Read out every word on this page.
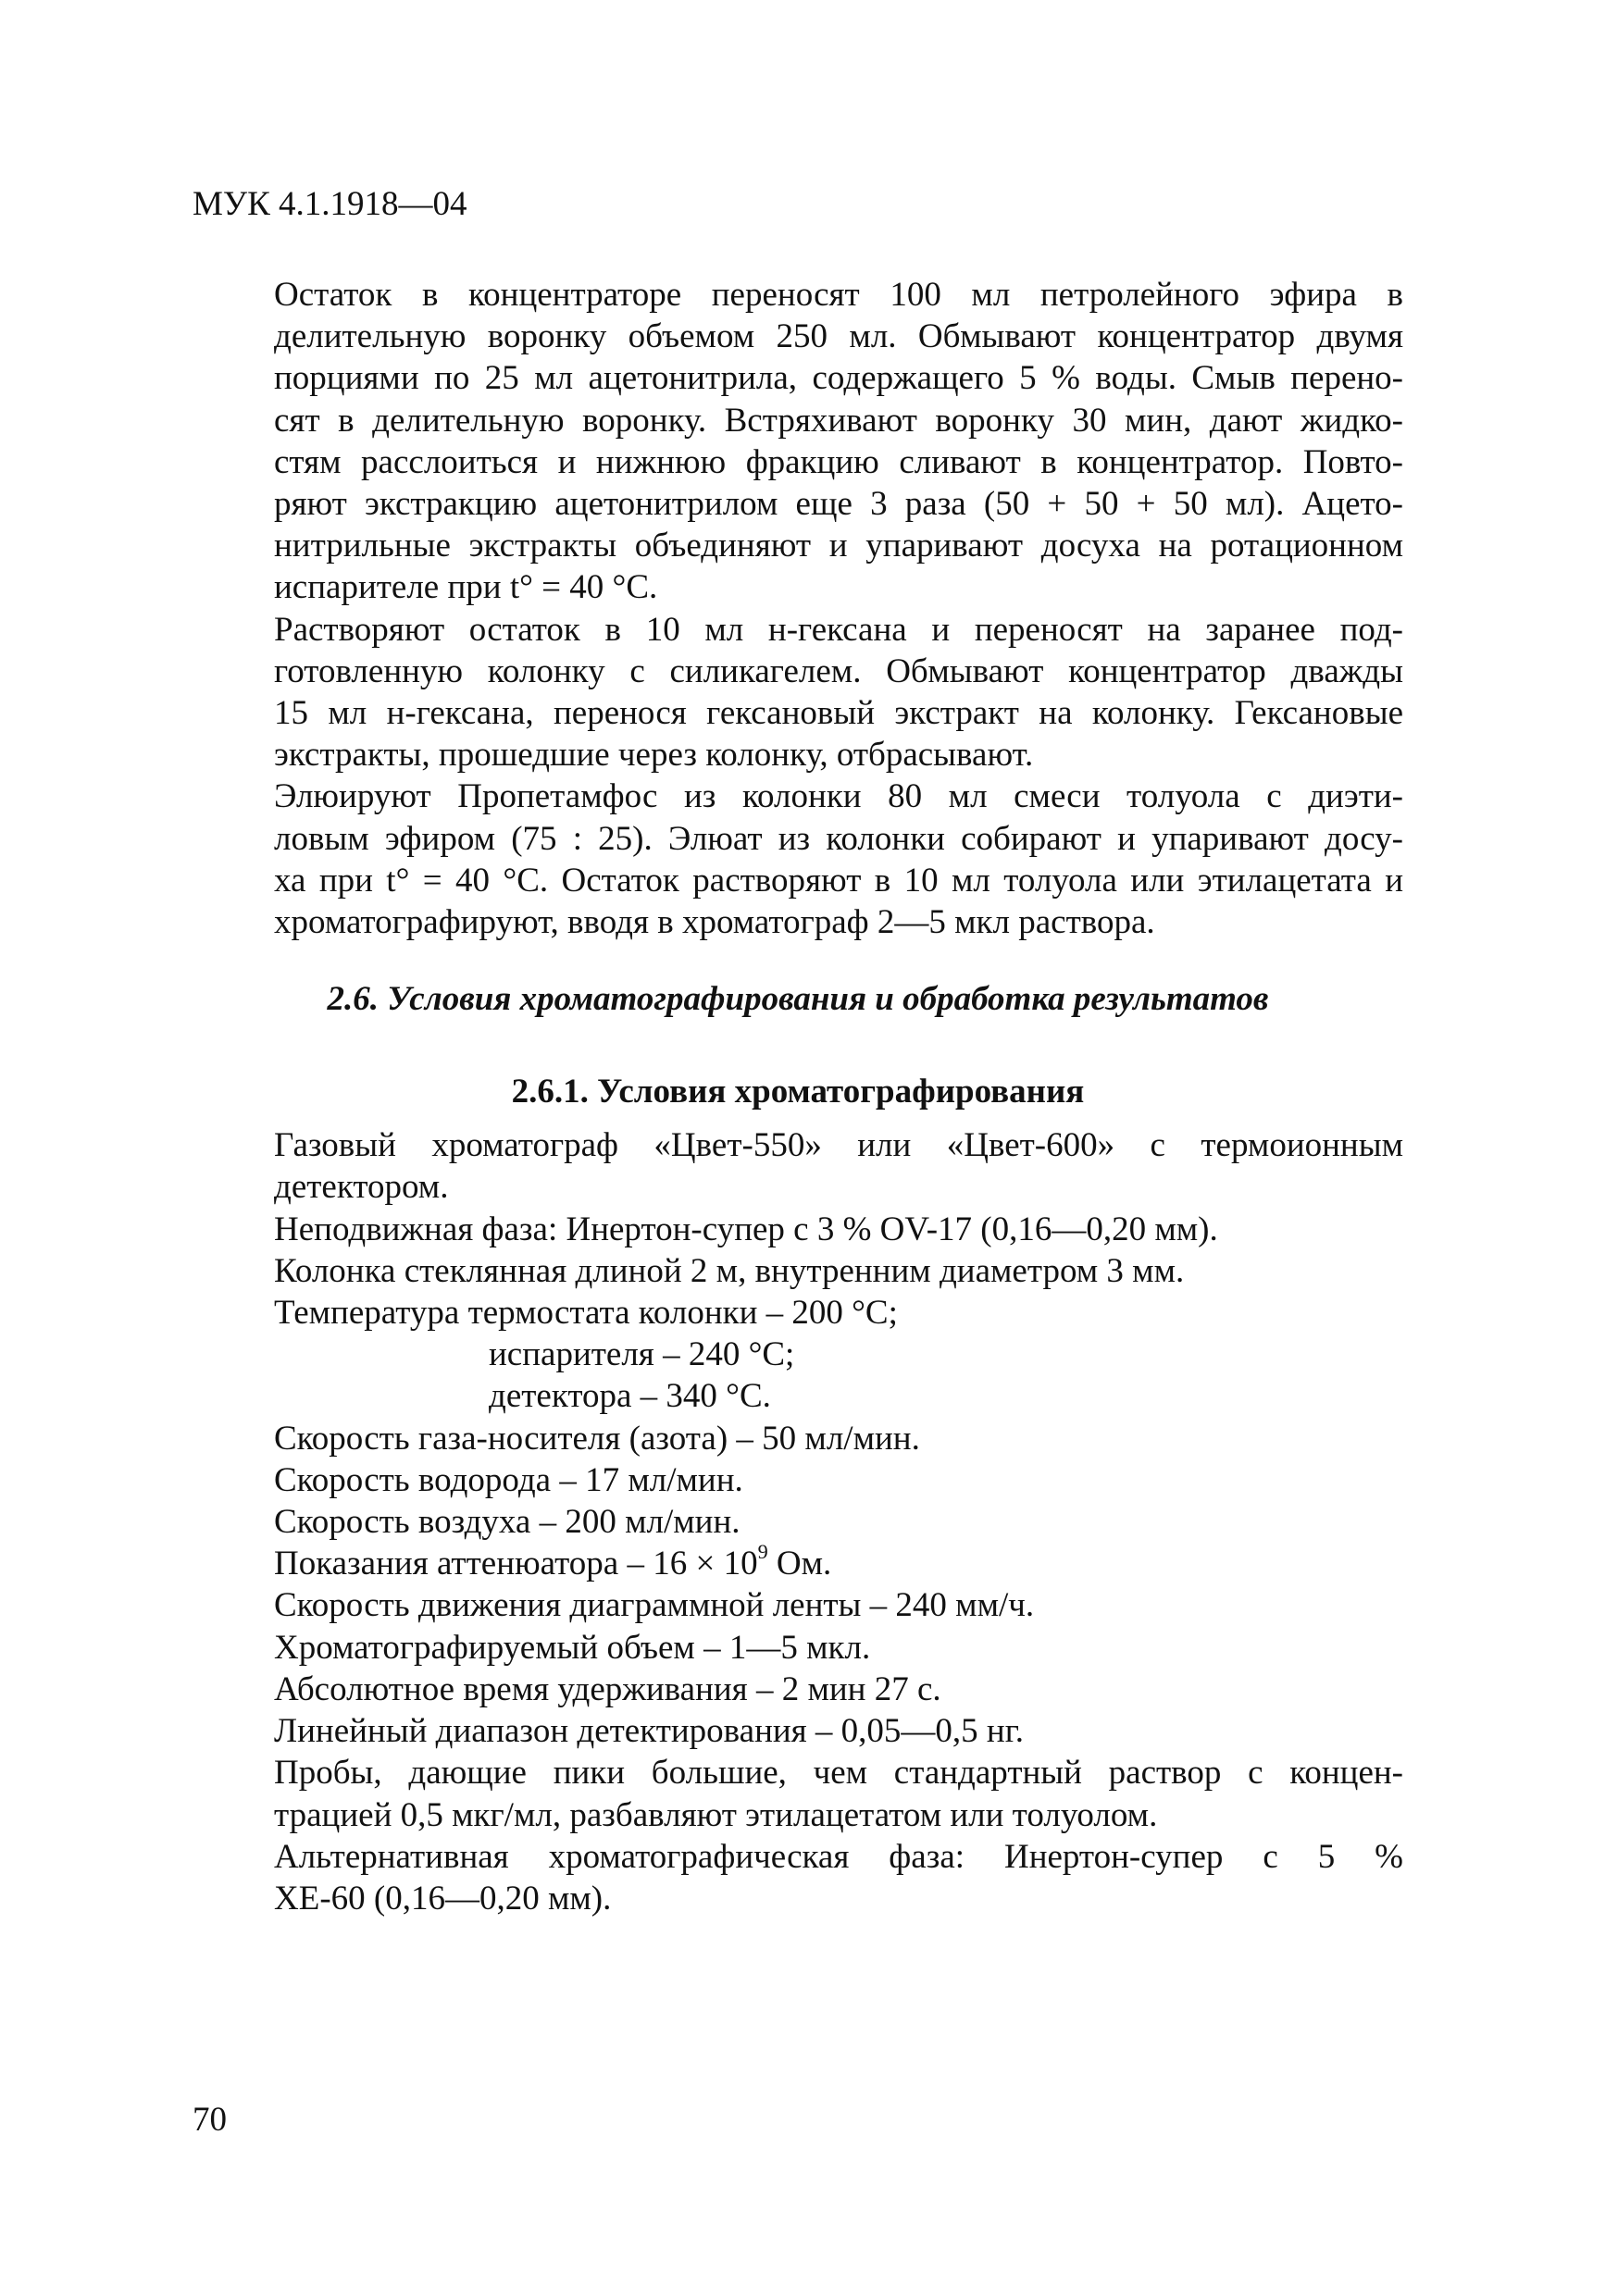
МУК 4.1.1918—04

Остаток в концентраторе переносят 100 мл петролейного эфира в
делительную воронку объемом 250 мл. Обмывают концентратор двумя
порциями по 25 мл ацетонитрила, содержащего 5 % воды. Смыв перено-
сят в делительную воронку. Встряхивают воронку 30 мин, дают жидко-
стям расслоиться и нижнюю фракцию сливают в концентратор. Повто-
ряют экстракцию ацетонитрилом еще 3 раза (50 + 50 + 50 мл). Ацето-
нитрильные экстракты объединяют и упаривают досуха на ротационном
испарителе при t° = 40 °C.

Растворяют остаток в 10 мл н-гексана и переносят на заранее под-
готовленную колонку с силикагелем. Обмывают концентратор дважды
15 мл н-гексана, перенося гексановый экстракт на колонку. Гексановые
экстракты, прошедшие через колонку, отбрасывают.

Элюируют Пропетамфос из колонки 80 мл смеси толуола с диэти-
ловым эфиром (75 : 25). Элюат из колонки собирают и упаривают досу-
ха при t° = 40 °C. Остаток растворяют в 10 мл толуола или этилацетата и
хроматографируют, вводя в хроматограф 2—5 мкл раствора.

2.6. Условия хроматографирования и обработка результатов
2.6.1. Условия хроматографирования

Газовый хроматограф «Цвет-550» или «Цвет-600» с термоионным
детектором.

Неподвижная фаза: Инертон-супер с 3 % OV-17 (0,16—0,20 мм).
Колонка стеклянная длиной 2 м, внутренним диаметром 3 мм.
Температура термостата колонки – 200 °C;
испарителя – 240 °C;
детектора – 340 °C.
Скорость газа-носителя (азота) – 50 мл/мин.
Скорость водорода – 17 мл/мин.
Скорость воздуха – 200 мл/мин.
Показания аттенюатора – $16 \times 10^9$ Ом.
Скорость движения диаграммной ленты – 240 мм/ч.
Хроматографируемый объем – 1—5 мкл.
Абсолютное время удерживания – 2 мин 27 с.
Линейный диапазон детектирования – 0,05—0,5 нг.

Пробы, дающие пики большие, чем стандартный раствор с концен-
трацией 0,5 мкг/мл, разбавляют этилацетатом или толуолом.

Альтернативная хроматографическая фаза: Инертон-супер с 5 %
XE-60 (0,16—0,20 мм).

70
